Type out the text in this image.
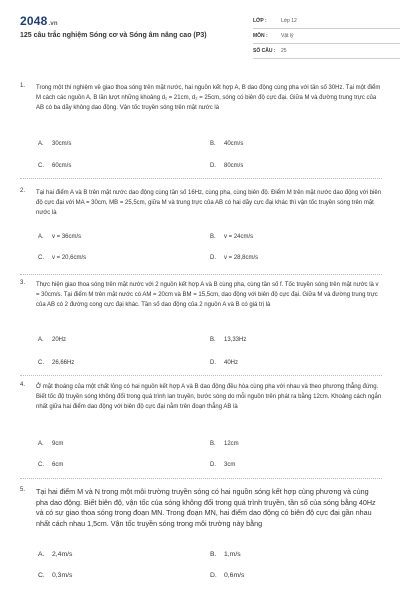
2048.vn
125 câu trắc nghiệm Sóng cơ và Sóng âm nâng cao (P3)
LỚP :	Lớp 12
MÔN :	Vật lý
SỐ CÂU :	25
1. Trong một thí nghiệm về giao thoa sóng trên mặt nước, hai nguồn kết hợp A, B dao động cùng pha với tần số 30Hz. Tại một điểm M cách các nguồn A, B lần lượt những khoảng d₁ = 21cm, d₂ = 25cm, sóng có biên độ cực đại. Giữa M và đường trung trực của AB có ba dãy không dao động. Vận tốc truyền sóng trên mặt nước là
A.	30cm/s	B.	40cm/s
C.	60cm/s	D.	80cm/s
2. Tại hai điểm A và B trên mặt nước dao động cùng tần số 16Hz, cùng pha, cùng biên độ. Điểm M trên mặt nước dao động với biên độ cực đại với MA = 30cm, MB = 25,5cm, giữa M và trung trực của AB có hai dãy cực đại khác thì vận tốc truyền sóng trên mặt nước là
A.	v = 36cm/s	B.	v = 24cm/s
C.	v = 20,6cm/s	D.	v = 28,8cm/s
3. Thực hiện giao thoa sóng trên mặt nước với 2 nguồn kết hợp A và B cùng pha, cùng tần số f. Tốc truyền sóng trên mặt nước là v = 30cm/s. Tại điểm M trên mặt nước có AM = 20cm và BM = 15,5cm, dao động với biên độ cực đại. Giữa M và đường trung trực của AB có 2 đường cong cực đại khác. Tần số dao động của 2 nguồn A và B có giá trị là
A.	20Hz	B.	13,33Hz
C.	26,66Hz	D.	40Hz
4. Ở mặt thoáng của một chất lỏng có hai nguồn kết hợp A và B dao động đều hòa cùng pha với nhau và theo phương thẳng đứng. Biết tốc độ truyền sóng không đổi trong quá trình lan truyền, bước sóng do mỗi nguồn trên phát ra bằng 12cm. Khoảng cách ngắn nhất giữa hai điểm dao động với biên độ cực đại nằm trên đoạn thẳng AB là
A.	9cm	B.	12cm
C.	6cm	D.	3cm
5. Tại hai điểm M và N trong một môi trường truyền sóng có hai nguồn sóng kết hợp cùng phương và cùng pha dao động. Biết biên độ, vận tốc của sóng không đổi trong quá trình truyền, tần số của sóng bằng 40Hz và có sự giao thoa sóng trong đoạn MN. Trong đoạn MN, hai điểm dao động có biên độ cực đại gần nhau nhất cách nhau 1,5cm. Vận tốc truyền sóng trong môi trường này bằng
A.	2,4m/s	B.	1,m/s
C.	0,3m/s	D.	0,6m/s
